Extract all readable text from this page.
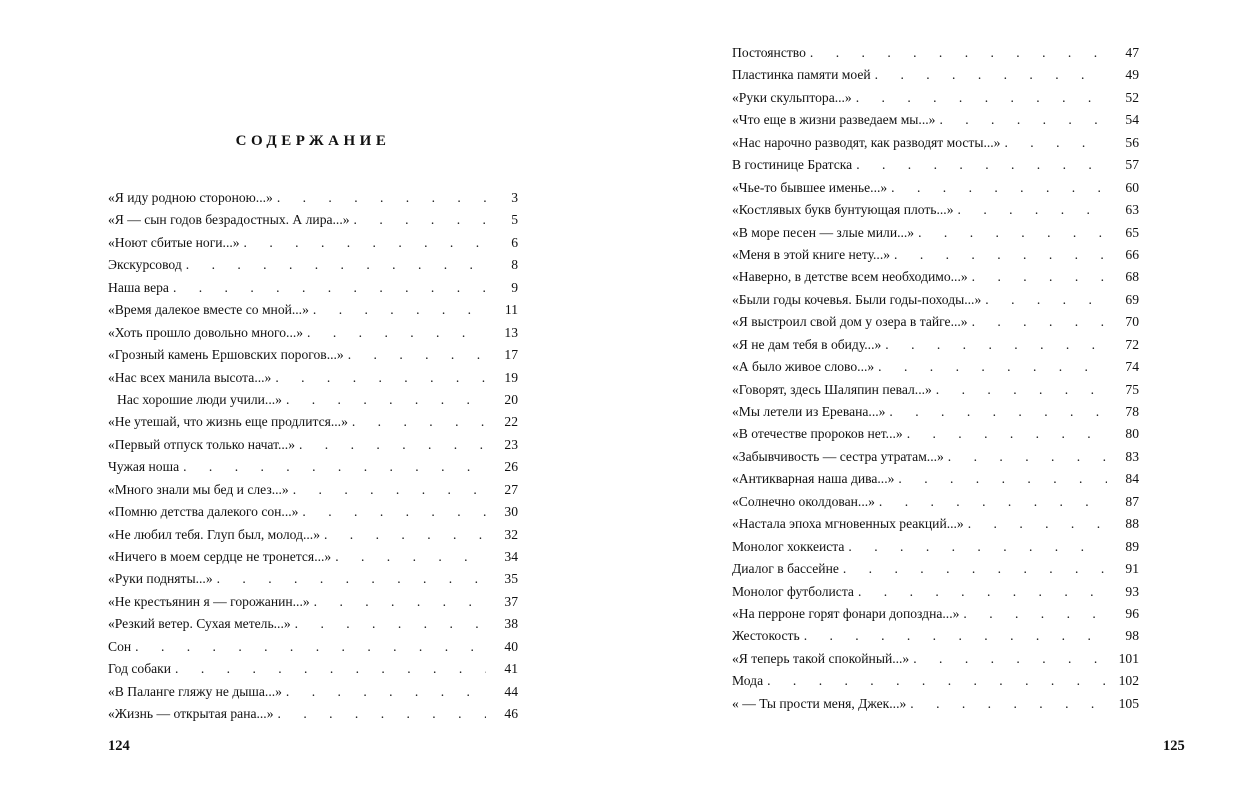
СОДЕРЖАНИЕ
«Я иду родною стороною...» . . .	3
«Я — сын годов безрадостных. А лира...» . . .	5
«Ноют сбитые ноги...» . . .	6
Экскурсовод . . .	8
Наша вера . . .	9
«Время далекое вместе со мной...» . . .	11
«Хоть прошло довольно много...» . . .	13
«Грозный камень Ершовских порогов...» . . .	17
«Нас всех манила высота...» . . .	19
Нас хорошие люди учили...» . . .	20
«Не утешай, что жизнь еще продлится...» . . .	22
«Первый отпуск только начат...» . . .	23
Чужая ноша . . .	26
«Много знали мы бед и слез...» . . .	27
«Помню детства далекого сон...» . . .	30
«Не любил тебя. Глуп был, молод...» . . .	32
«Ничего в моем сердце не тронется...» . . .	34
«Руки подняты...» . . .	35
«Не крестьянин я — горожанин...» . . .	37
«Резкий ветер. Сухая метель...» . . .	38
Сон . . .	40
Год собаки . . .	41
«В Паланге гляжу не дыша...» . . .	44
«Жизнь — открытая рана...» . . .	46
124
Постоянство . . .	47
Пластинка памяти моей . . .	49
«Руки скульптора...» . . .	52
«Что еще в жизни разведаем мы...» . . .	54
«Нас нарочно разводят, как разводят мосты...» . . .	56
В гостинице Братска . . .	57
«Чье-то бывшее именье...» . . .	60
«Костлявых букв бунтующая плоть...» . . .	63
«В море песен — злые мили...» . . .	65
«Меня в этой книге нету...» . . .	66
«Наверно, в детстве всем необходимо...» . . .	68
«Были годы кочевья. Были годы-походы...» . . .	69
«Я выстроил свой дом у озера в тайге...» . . .	70
«Я не дам тебя в обиду...» . . .	72
«А было живое слово...» . . .	74
«Говорят, здесь Шаляпин певал...» . . .	75
«Мы летели из Еревана...» . . .	78
«В отечестве пророков нет...» . . .	80
«Забывчивость — сестра утратам...» . . .	83
«Антикварная наша дива...» . . .	84
«Солнечно околдован...» . . .	87
«Настала эпоха мгновенных реакций...» . . .	88
Монолог хоккеиста . . .	89
Диалог в бассейне . . .	91
Монолог футболиста . . .	93
«На перроне горят фонари допоздна...» . . .	96
Жестокость . . .	98
«Я теперь такой спокойный...» . . .	101
Мода . . .	102
« — Ты прости меня, Джек...» . . .	105
125
